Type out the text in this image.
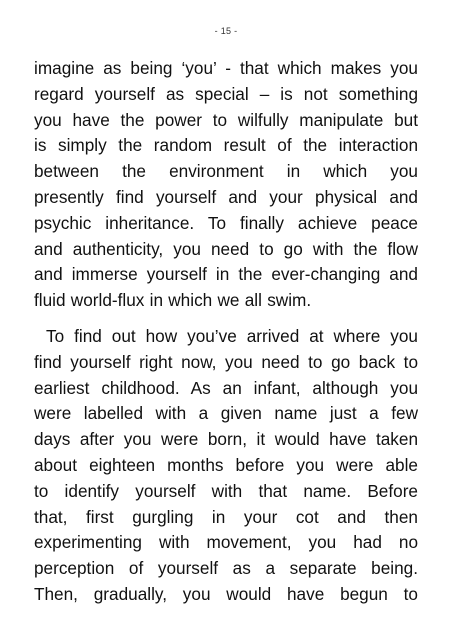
- 15 -

imagine as being ‘you’ - that which makes you

regard yourself as special – is not something

you have the power to wilfully manipulate but

is simply the random result of the interaction

between the environment in which you

presently find yourself and your physical and

psychic inheritance. To finally achieve peace

and authenticity, you need to go with the flow

and immerse yourself in the ever-changing and

fluid world-flux in which we all swim.

To find out how you’ve arrived at where you

find yourself right now, you need to go back to

earliest childhood. As an infant, although you

were labelled with a given name just a few

days after you were born, it would have taken

about eighteen months before you were able

to identify yourself with that name. Before

that, first gurgling in your cot and then

experimenting with movement, you had no

perception of yourself as a separate being.

Then, gradually, you would have begun to
